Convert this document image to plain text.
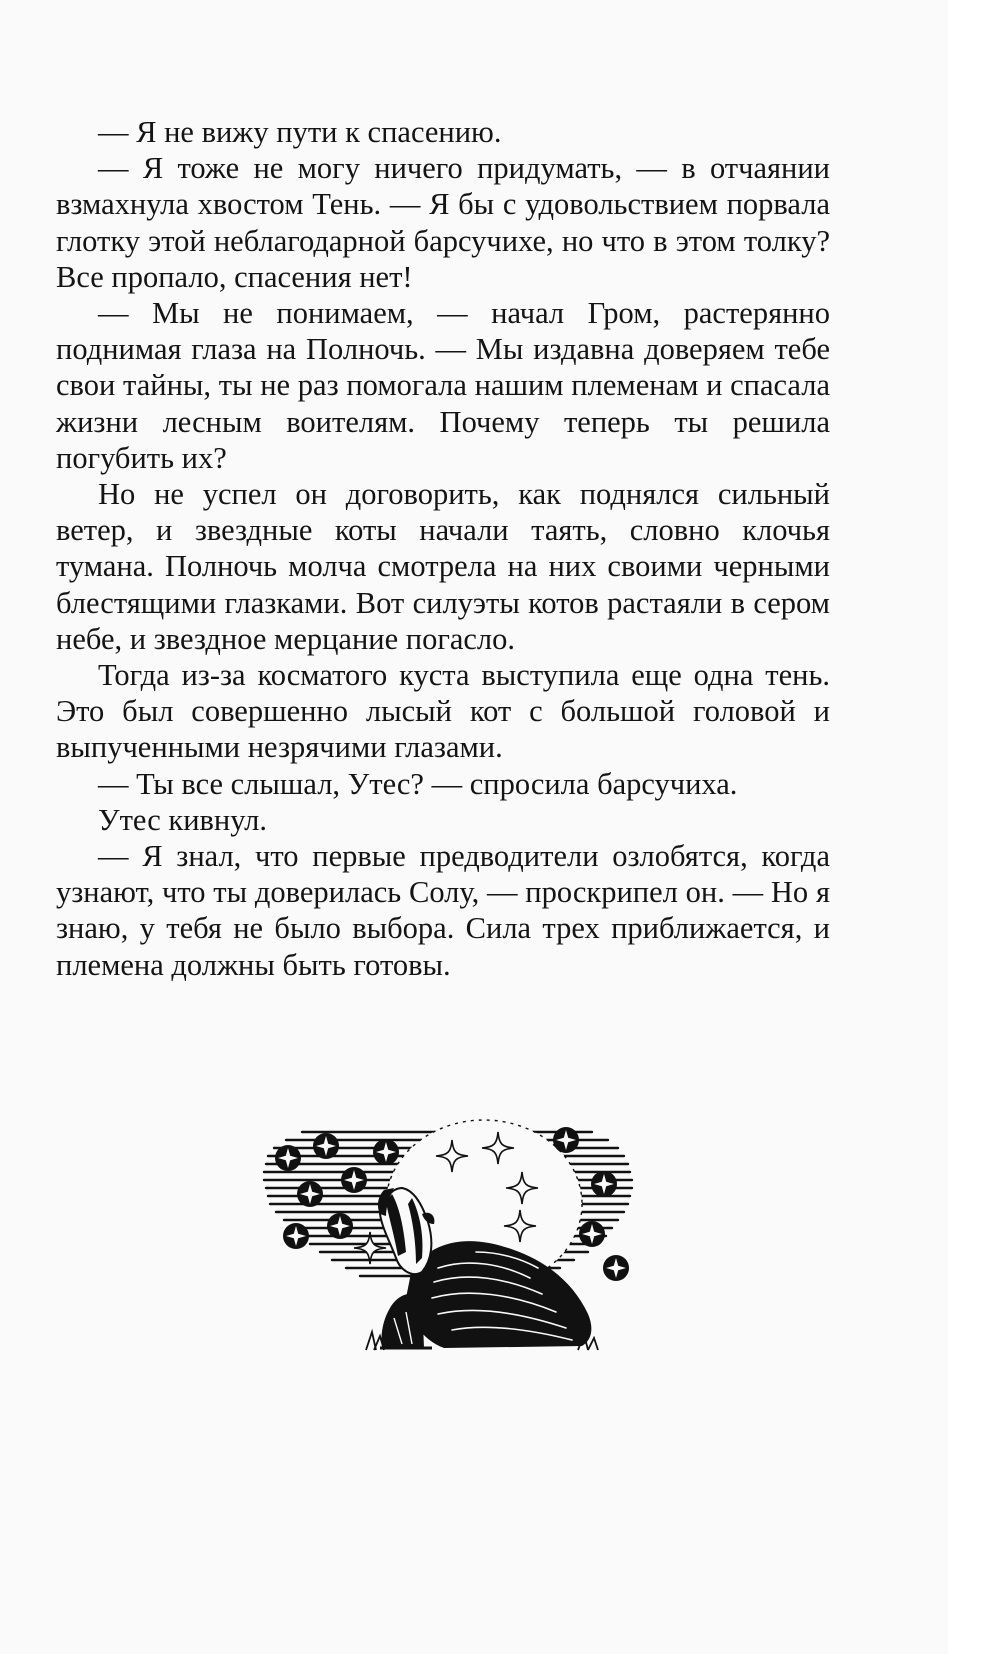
— Я не вижу пути к спасению.

— Я тоже не могу ничего придумать, — в отчаянии взмахнула хвостом Тень. — Я бы с удовольствием порвала глотку этой неблагодарной барсучихе, но что в этом толку? Все пропало, спасения нет!

— Мы не понимаем, — начал Гром, растерянно поднимая глаза на Полночь. — Мы издавна доверяем тебе свои тайны, ты не раз помогала нашим племенам и спасала жизни лесным воителям. Почему теперь ты решила погубить их?

Но не успел он договорить, как поднялся сильный ветер, и звездные коты начали таять, словно клочья тумана. Полночь молча смотрела на них своими черными блестящими глазками. Вот силуэты котов растаяли в сером небе, и звездное мерцание погасло.

Тогда из-за косматого куста выступила еще одна тень. Это был совершенно лысый кот с большой головой и выпученными незрячими глазами.

— Ты все слышал, Утес? — спросила барсучиха.

Утес кивнул.

— Я знал, что первые предводители озлобятся, когда узнают, что ты доверилась Солу, — проскрипел он. — Но я знаю, у тебя не было выбора. Сила трех приближается, и племена должны быть готовы.
